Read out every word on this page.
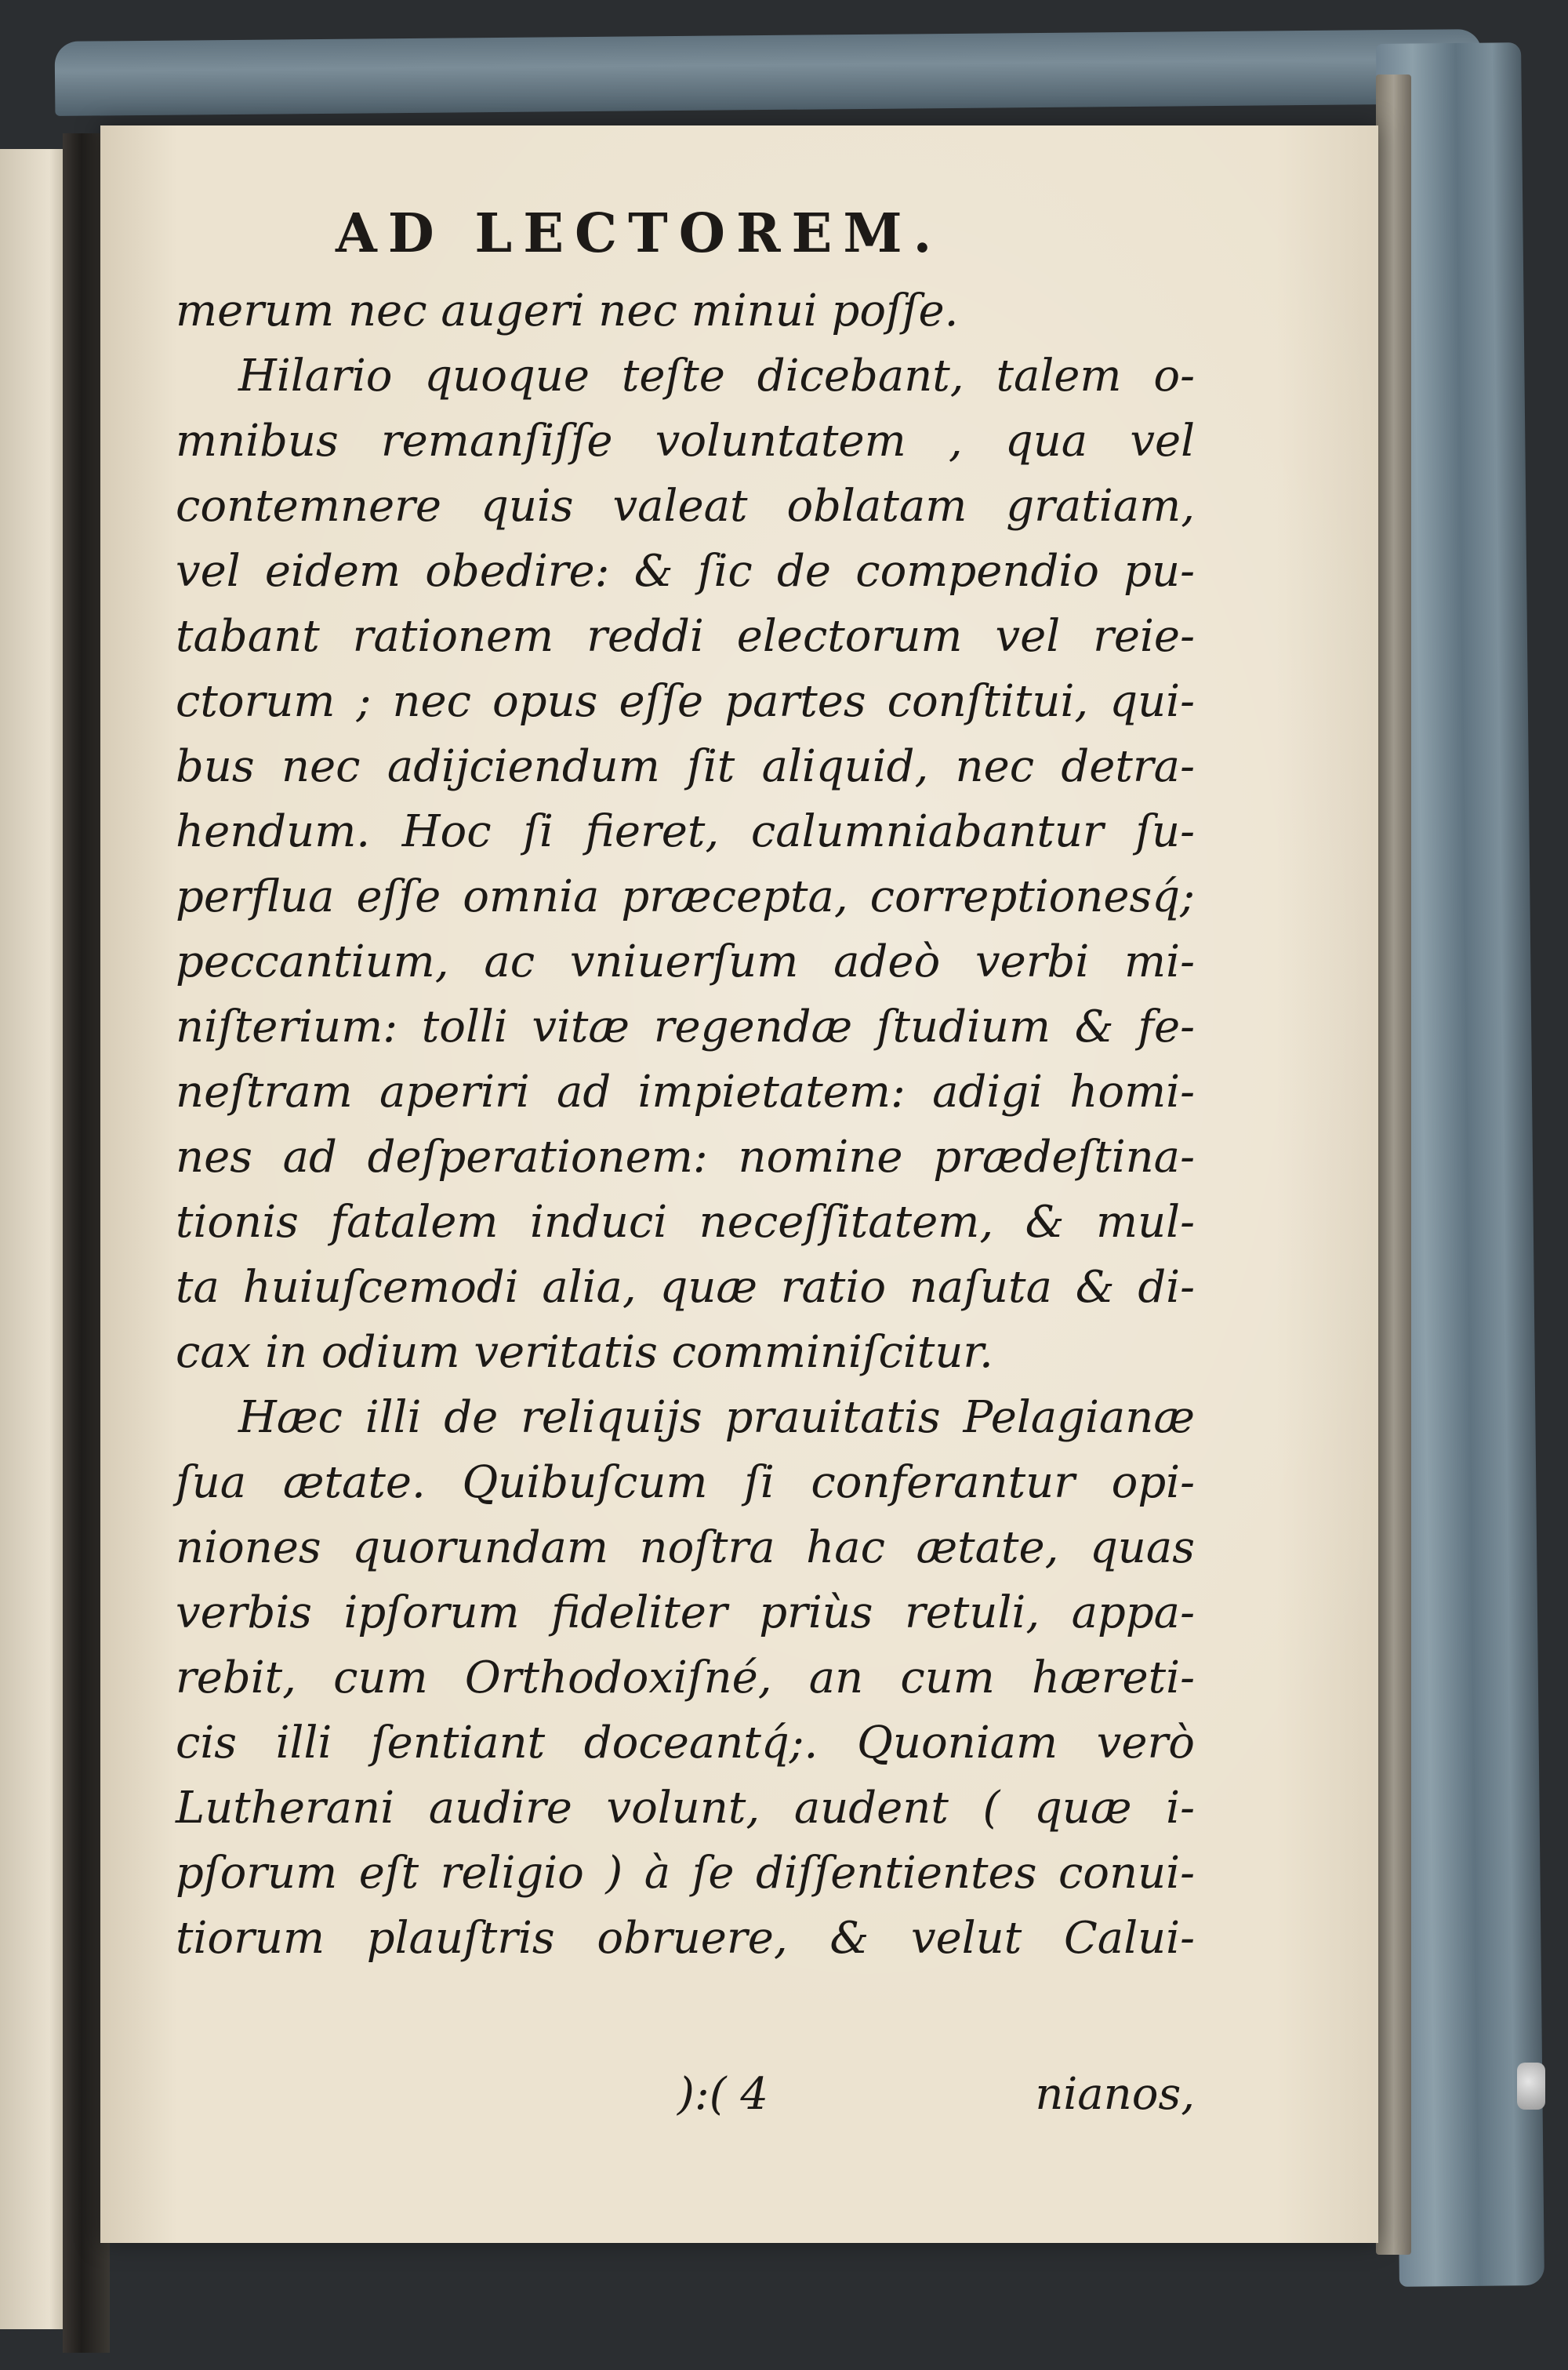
AD LECTOREM.
merum nec augeri nec minui poſſe.
Hilario quoque teſte dicebant, talem o-
mnibus remanſiſſe voluntatem , qua vel
contemnere quis valeat oblatam gratiam,
vel eidem obedire: & ſic de compendio pu-
tabant rationem reddi electorum vel reie-
ctorum ; nec opus eſſe partes conſtitui, qui-
bus nec adijciendum ſit aliquid, nec detra-
hendum. Hoc ſi fieret, calumniabantur ſu-
perflua eſſe omnia præcepta, correptionesq́;
peccantium, ac vniuerſum adeò verbi mi-
niſterium: tolli vitæ regendæ ſtudium & fe-
neſtram aperiri ad impietatem: adigi homi-
nes ad deſperationem: nomine prædeſtina-
tionis fatalem induci neceſſitatem, & mul-
ta huiuſcemodi alia, quæ ratio naſuta & di-
cax in odium veritatis comminiſcitur.
Hæc illi de reliquijs prauitatis Pelagianæ
ſua ætate. Quibuſcum ſi conferantur opi-
niones quorundam noſtra hac ætate, quas
verbis ipſorum fideliter priùs retuli, appa-
rebit, cum Orthodoxiſné, an cum hæreti-
cis illi ſentiant doceantq́;. Quoniam verò
Lutherani audire volunt, audent ( quæ i-
pſorum eſt religio ) à ſe diſſentientes conui-
tiorum plauſtris obruere, & velut Calui-
):( 4	nianos,
